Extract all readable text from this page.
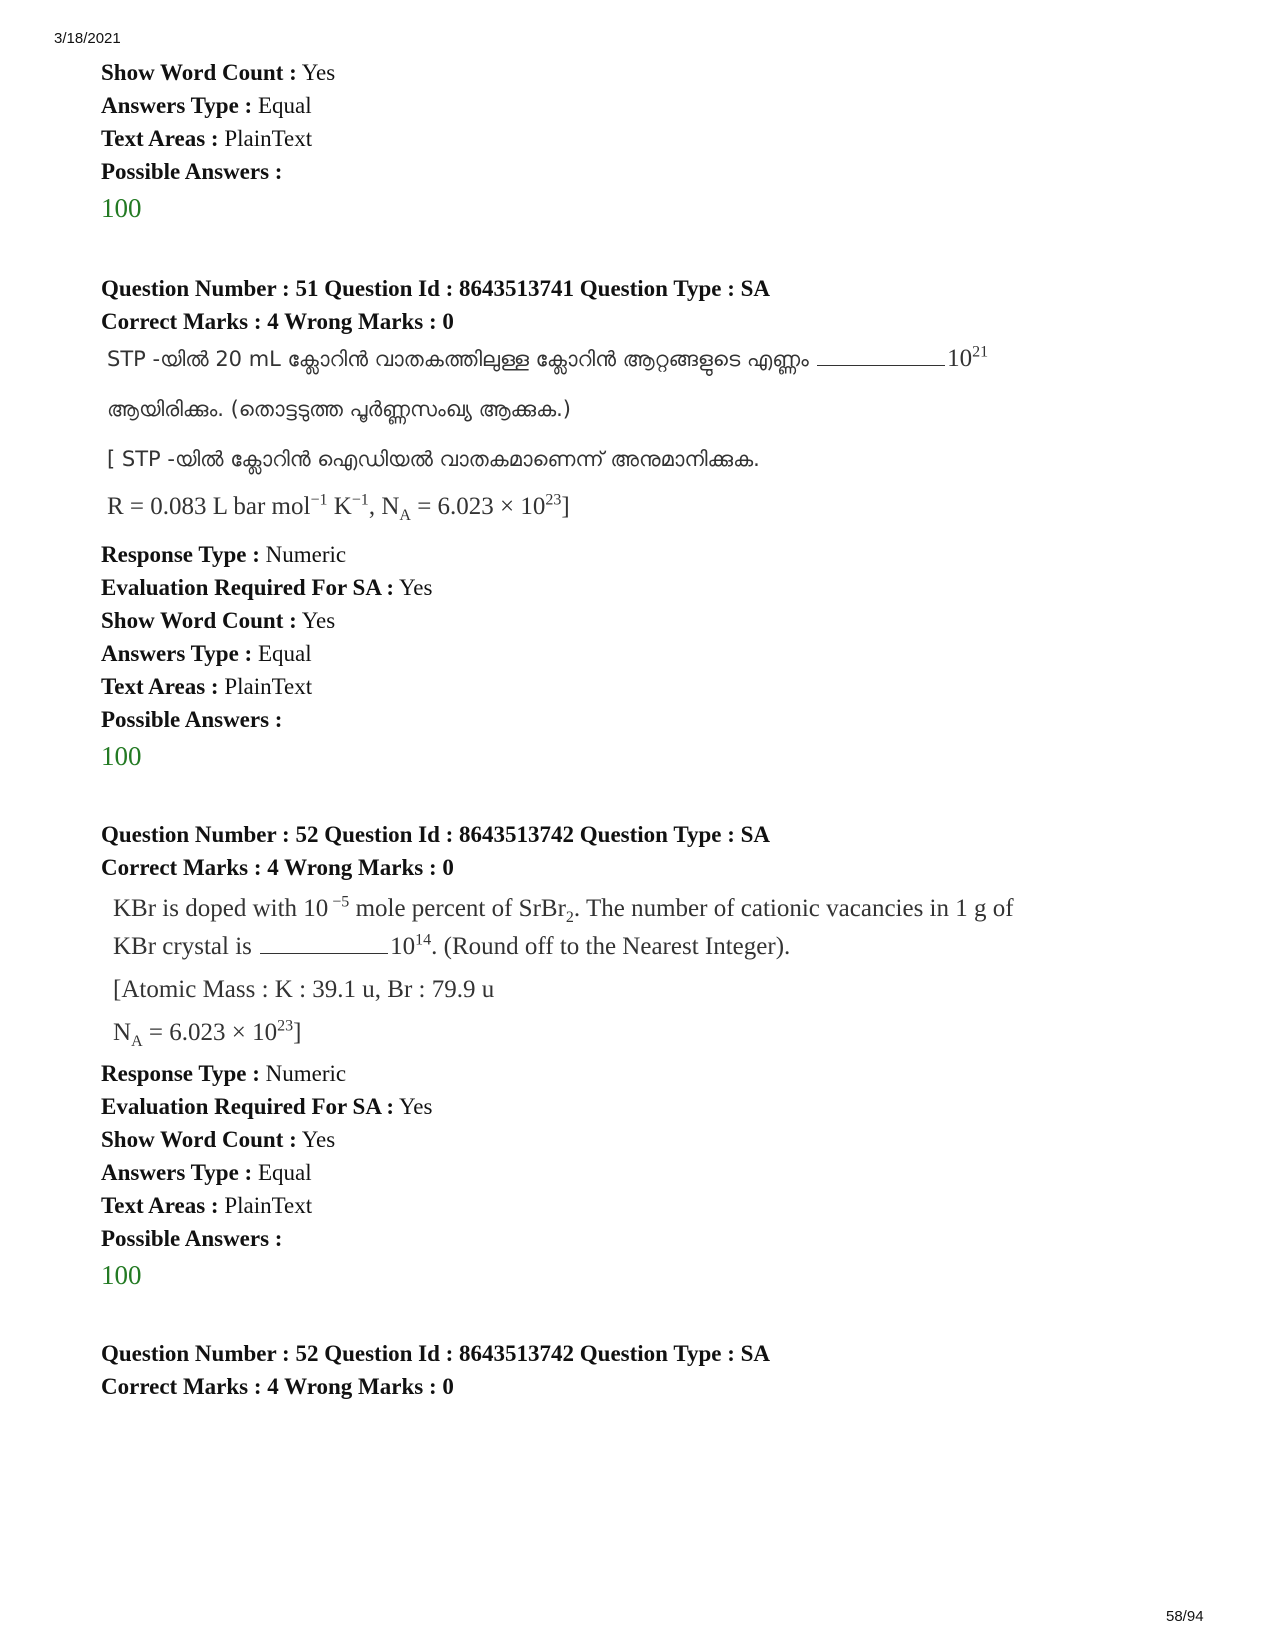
3/18/2021
Show Word Count : Yes
Answers Type : Equal
Text Areas : PlainText
Possible Answers :
100
Question Number : 51 Question Id : 8643513741 Question Type : SA
Correct Marks : 4 Wrong Marks : 0
STP -യിൽ 20 mL ക്ലോറിൻ വാതകത്തിലുള്ള ക്ലോറിൻ ആറ്റങ്ങളുടെ എണ്ണം	$10^{21}$
ആയിരിക്കും. (തൊട്ടടുത്ത പൂർണ്ണസംഖ്യ ആക്കുക.)
[ STP -യിൽ ക്ലോറിൻ ഐഡിയൽ വാതകമാണെന്ന് അനുമാനിക്കുക.
R = 0.083 L bar mol$^{-1}$ $K^{-1}$, $N_A = 6.023 \times 10^{23}$]
Response Type : Numeric
Evaluation Required For SA : Yes
Show Word Count : Yes
Answers Type : Equal
Text Areas : PlainText
Possible Answers :
100
Question Number : 52 Question Id : 8643513742 Question Type : SA
Correct Marks : 4 Wrong Marks : 0
KBr is doped with 10 $^{-5}$ mole percent of SrBr$_2$. The number of cationic vacancies in 1 g of
KBr crystal is	$10^{14}$. (Round off to the Nearest Integer).
[Atomic Mass : K : 39.1 u, Br : 79.9 u
$N_A = 6.023 \times 10^{23}$]
Response Type : Numeric
Evaluation Required For SA : Yes
Show Word Count : Yes
Answers Type : Equal
Text Areas : PlainText
Possible Answers :
100
Question Number : 52 Question Id : 8643513742 Question Type : SA
Correct Marks : 4 Wrong Marks : 0
58/94
